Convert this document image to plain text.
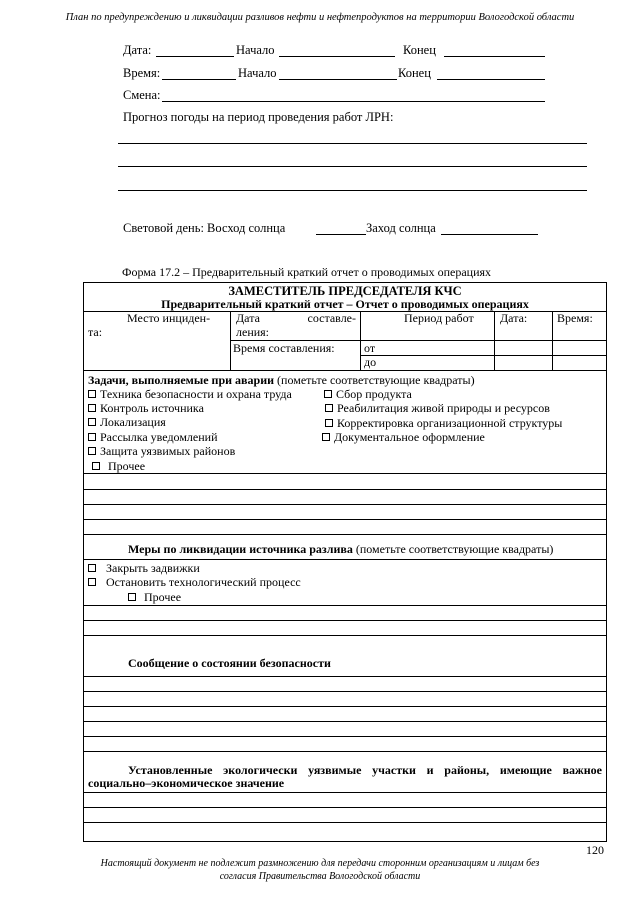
План по предупреждению и ликвидации разливов нефти и нефтепродуктов на территории Вологодской области
Дата:	Начало	Конец
Время:	Начало	Конец
Смена:
Прогноз погоды на период проведения работ ЛРН:
Световой день: Восход солнца	Заход солнца
Форма 17.2 – Предварительный краткий отчет о проводимых операциях
ЗАМЕСТИТЕЛЬ ПРЕДСЕДАТЕЛЯ КЧС
Предварительный краткий отчет – Отчет о проводимых операциях
Место инциден-
та:
Дата составле-
ления:
Период работ Дата: Время:
Время составления: от
до
Задачи, выполняемые при аварии (пометьте соответствующие квадраты)
Техника безопасности и охрана труда
Контроль источника
Локализация
Рассылка уведомлений
Защита уязвимых районов
Прочее
Сбор продукта
Реабилитация живой природы и ресурсов
Корректировка организационной структуры
Документальное оформление
Меры по ликвидации источника разлива (пометьте соответствующие квадраты)
Закрыть задвижки
Остановить технологический процесс
Прочее
Сообщение о состоянии безопасности
Установленные экологически уязвимые участки и районы, имеющие важное
социально–экономическое значение
120
Настоящий документ не подлежит размножению для передачи сторонним организациям и лицам без
согласия Правительства Вологодской области
